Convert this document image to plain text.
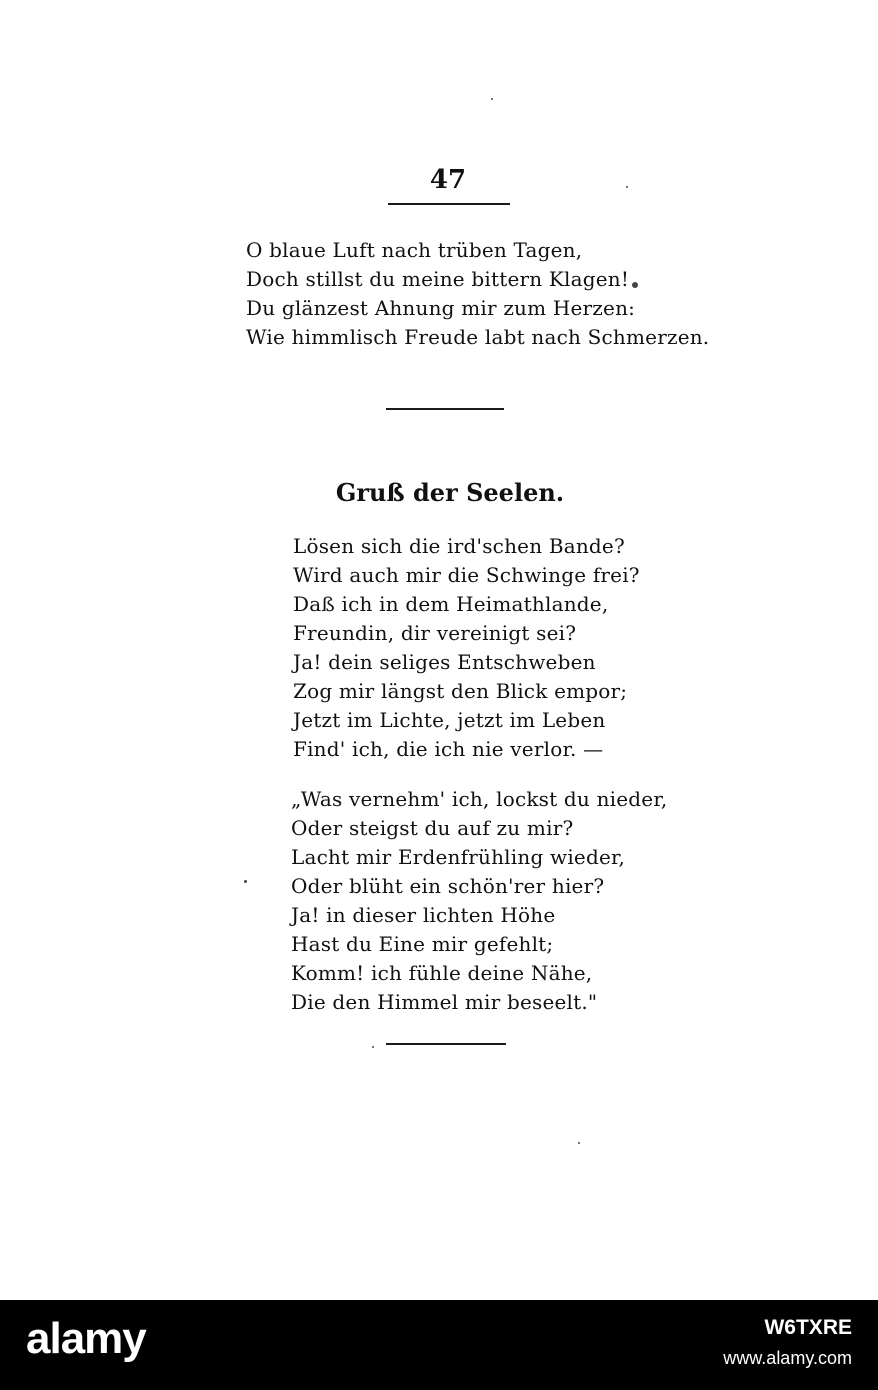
47
O blaue Luft nach trüben Tagen,
Doch stillst du meine bittern Klagen!
Du glänzest Ahnung mir zum Herzen:
Wie himmlisch Freude labt nach Schmerzen.
Gruß der Seelen.
Lösen sich die ird'schen Bande?
Wird auch mir die Schwinge frei?
Daß ich in dem Heimathlande,
Freundin, dir vereinigt sei?
Ja! dein seliges Entschweben
Zog mir längst den Blick empor;
Jetzt im Lichte, jetzt im Leben
Find' ich, die ich nie verlor. —
„Was vernehm' ich, lockst du nieder,
Oder steigst du auf zu mir?
Lacht mir Erdenfrühling wieder,
Oder blüht ein schön'rer hier?
Ja! in dieser lichten Höhe
Hast du Eine mir gefehlt;
Komm! ich fühle deine Nähe,
Die den Himmel mir beseelt."
alamy	W6TXRE
www.alamy.com
